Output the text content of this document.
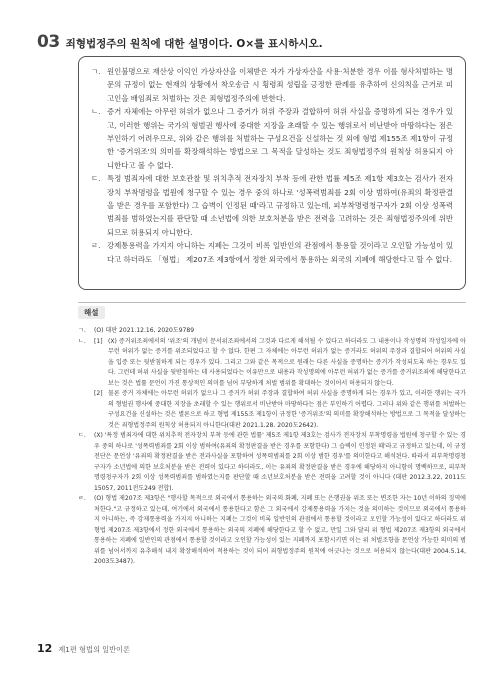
03 죄형법정주의 원칙에 대한 설명이다. O×를 표시하시오.
ㄱ. 원인불명으로 재산상 이익인 가상자산을 이체받은 자가 가상자산을 사용·처분한 경우 이를 형사처벌하는 명문의 규정이 없는 현재의 상황에서 착오송금 시 횡령죄 성립을 긍정한 판례를 유추하여 신의칙을 근거로 피고인을 배임죄로 처벌하는 것은 죄형법정주의에 반한다.
ㄴ. 증거 자체에는 아무런 허위가 없으나 그 증거가 허위 주장과 결합하여 허위 사실을 증명하게 되는 경우가 있고, 이러한 행위는 국가의 형벌권 행사에 중대한 지장을 초래할 수 있는 행위로서 비난받아 마땅하다는 점은 부인하기 어려우므로, 위와 같은 행위를 처벌하는 구성요건을 신설하는 것 외에 형법 제155조 제1항이 규정한 '증거위조'의 의미를 확장해석하는 방법으로 그 목적을 달성하는 것도 죄형법정주의 원칙상 허용되지 아니한다고 볼 수 없다.
ㄷ. 특정 범죄자에 대한 보호관찰 및 위치추적 전자장치 부착 등에 관한 법률 제5조 제1항 제3호는 검사가 전자장치 부착명령을 법원에 청구할 수 있는 경우 중의 하나로 '성폭력범죄를 2회 이상 범하여(유죄의 확정판결을 받은 경우를 포함한다) 그 습벽이 인정된 때'라고 규정하고 있는데, 피부착명령청구자가 2회 이상 성폭력범죄를 범하였는지를 판단할 때 소년법에 의한 보호처분을 받은 전력을 고려하는 것은 죄형법정주의에 위반되므로 허용되지 아니한다.
ㄹ. 강제통용력을 가지지 아니하는 지폐는 그것이 비록 일반인의 관점에서 통용할 것이라고 오인할 가능성이 있다고 하더라도 「형법」 제207조 제3항에서 정한 외국에서 통용하는 외국의 지폐에 해당한다고 할 수 없다.
해설
ㄱ.	(O) 대판 2021.12.16, 2020도9789
ㄴ.	[1] (X) 증거위조죄에서의 '위조'의 개념이 문서위조죄에서의 그것과 다르게 해석될 수 있다고 하더라도 그 내용이나 작성명의 작성일자에 아무런 허위가 없는 증거를 위조되었다고 할 수 없다. 한편 그 자체에는 아무런 허위가 없는 증거라도 허위의 주장과 결합되어 허위의 사실을 입증 또는 뒷받침하게 되는 경우가 있다. 그리고 그와 같은 목적으로 원래는 다른 사실을 증명하는 증거가 작성되도록 하는 경우도 있다. 그런데 허위 사실을 뒷받침하는 데 사용되었다는 이유만으로 내용과 작성명의에 아무런 허위가 없는 증거를 증거위조죄에 해당한다고 보는 것은 법률 문언이 가진 통상적인 의미를 넘어 부당하게 처벌 범위를 확대하는 것이어서 허용되지 않는다.
[2] 물론 증거 자체에는 아무런 허위가 없으나 그 증거가 허위 주장과 결합하여 허위 사실을 증명하게 되는 경우가 있고, 이러한 행위는 국가의 형벌권 행사에 중대한 지장을 초래할 수 있는 행위로서 비난받아 마땅하다는 점은 부인하기 어렵다. 그러나 위와 같은 행위를 처벌하는 구성요건을 신설하는 것은 별론으로 하고 형법 제155조 제1항이 규정한 '증거위조'의 의미를 확장해석하는 방법으로 그 목적을 달성하는 것은 죄형법정주의 원칙상 허용되지 아니한다(대판 2021.1.28. 2020도2642).
ㄷ.	(X) '특정 범죄자에 대한 위치추적 전자장치 부착 등에 관한 법률' 제5조 제1항 제3호는 검사가 전자장치 부착명령을 법원에 청구할 수 있는 경우 중의 하나로 '성폭력범죄를 2회 이상 범하여(유죄의 확정판결을 받은 경우를 포함한다) 그 습벽이 인정된 때'라고 규정하고 있는데, 이 규정 전단은 문언상 '유죄의 확정판결을 받은 전과사실을 포함하여 성폭력범죄를 2회 이상 범한 경우'를 의미한다고 해석된다. 따라서 피부착명령청구자가 소년법에 의한 보호처분을 받은 전력이 있다고 하더라도, 이는 유죄의 확정판결을 받은 경우에 해당하지 아니함이 명백하므로, 피부착명령청구자가 2회 이상 성폭력범죄를 범하였는지를 판단할 때 소년보호처분을 받은 전력을 고려할 것이 아니다 (대판 2012.3.22, 2011도15057, 2011전도249 전합).
ㄹ.	(O) 형법 제207조 제3항은 "행사할 목적으로 외국에서 통용하는 외국의 화폐, 지폐 또는 은행권을 위조 또는 변조한 자는 10년 이하의 징역에 처한다."고 규정하고 있는데, 여기에서 외국에서 통용한다고 함은 그 외국에서 강제통용력을 가지는 것을 의미하는 것이므로 외국에서 통용하지 아니하는, 즉 강제통용력을 가지지 아니하는 지폐는 그것이 비록 일반인의 관점에서 통용할 것이라고 오인할 가능성이 있다고 하더라도 위 형법 제207조 제3항에서 정한 외국에서 통용하는 외국의 지폐에 해당한다고 할 수 없고, 만일 그와 달리 위 형법 제207조 제3항의 외국에서 통용하는 지폐에 일반인의 관점에서 통용할 것이라고 오인할 가능성이 있는 지폐까지 포함시키면 이는 위 처벌조항을 문언상 가능한 의미의 범위를 넘어서까지 유추해석 내지 확장해석하여 적용하는 것이 되어 죄형법정주의 원칙에 어긋나는 것으로 허용되지 않는다(대판 2004.5.14, 2003도3487).
12 제1편 형법의 일반이론
